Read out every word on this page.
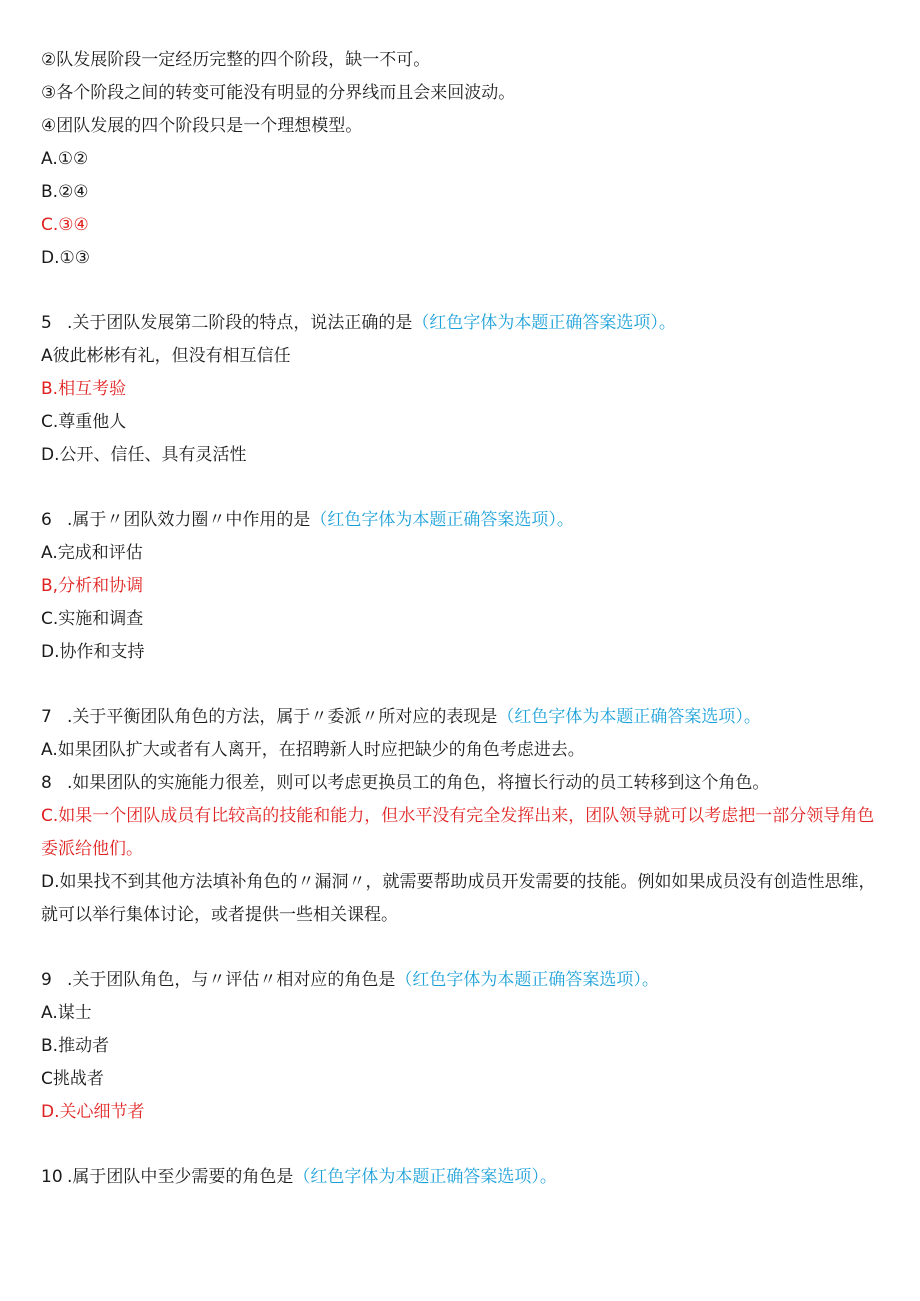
②队发展阶段一定经历完整的四个阶段，缺一不可。
③各个阶段之间的转变可能没有明显的分界线而且会来回波动。
④团队发展的四个阶段只是一个理想模型。
A.①②
B.②④
C.③④
D.①③
5 .关于团队发展第二阶段的特点，说法正确的是（红色字体为本题正确答案选项）。
A彼此彬彬有礼，但没有相互信任
B.相互考验
C.尊重他人
D.公开、信任、具有灵活性
6 .属于〃团队效力圈〃中作用的是（红色字体为本题正确答案选项）。
A.完成和评估
B,分析和协调
C.实施和调查
D.协作和支持
7 .关于平衡团队角色的方法，属于〃委派〃所对应的表现是（红色字体为本题正确答案选项）。
A.如果团队扩大或者有人离开，在招聘新人时应把缺少的角色考虑进去。
8 .如果团队的实施能力很差，则可以考虑更换员工的角色，将擅长行动的员工转移到这个角色。
C.如果一个团队成员有比较高的技能和能力，但水平没有完全发挥出来，团队领导就可以考虑把一部分领导角色委派给他们。
D.如果找不到其他方法填补角色的〃漏洞〃，就需要帮助成员开发需要的技能。例如如果成员没有创造性思维，就可以举行集体讨论，或者提供一些相关课程。
9 .关于团队角色，与〃评估〃相对应的角色是（红色字体为本题正确答案选项）。
A.谋士
B.推动者
C挑战者
D.关心细节者
10 .属于团队中至少需要的角色是（红色字体为本题正确答案选项）。
